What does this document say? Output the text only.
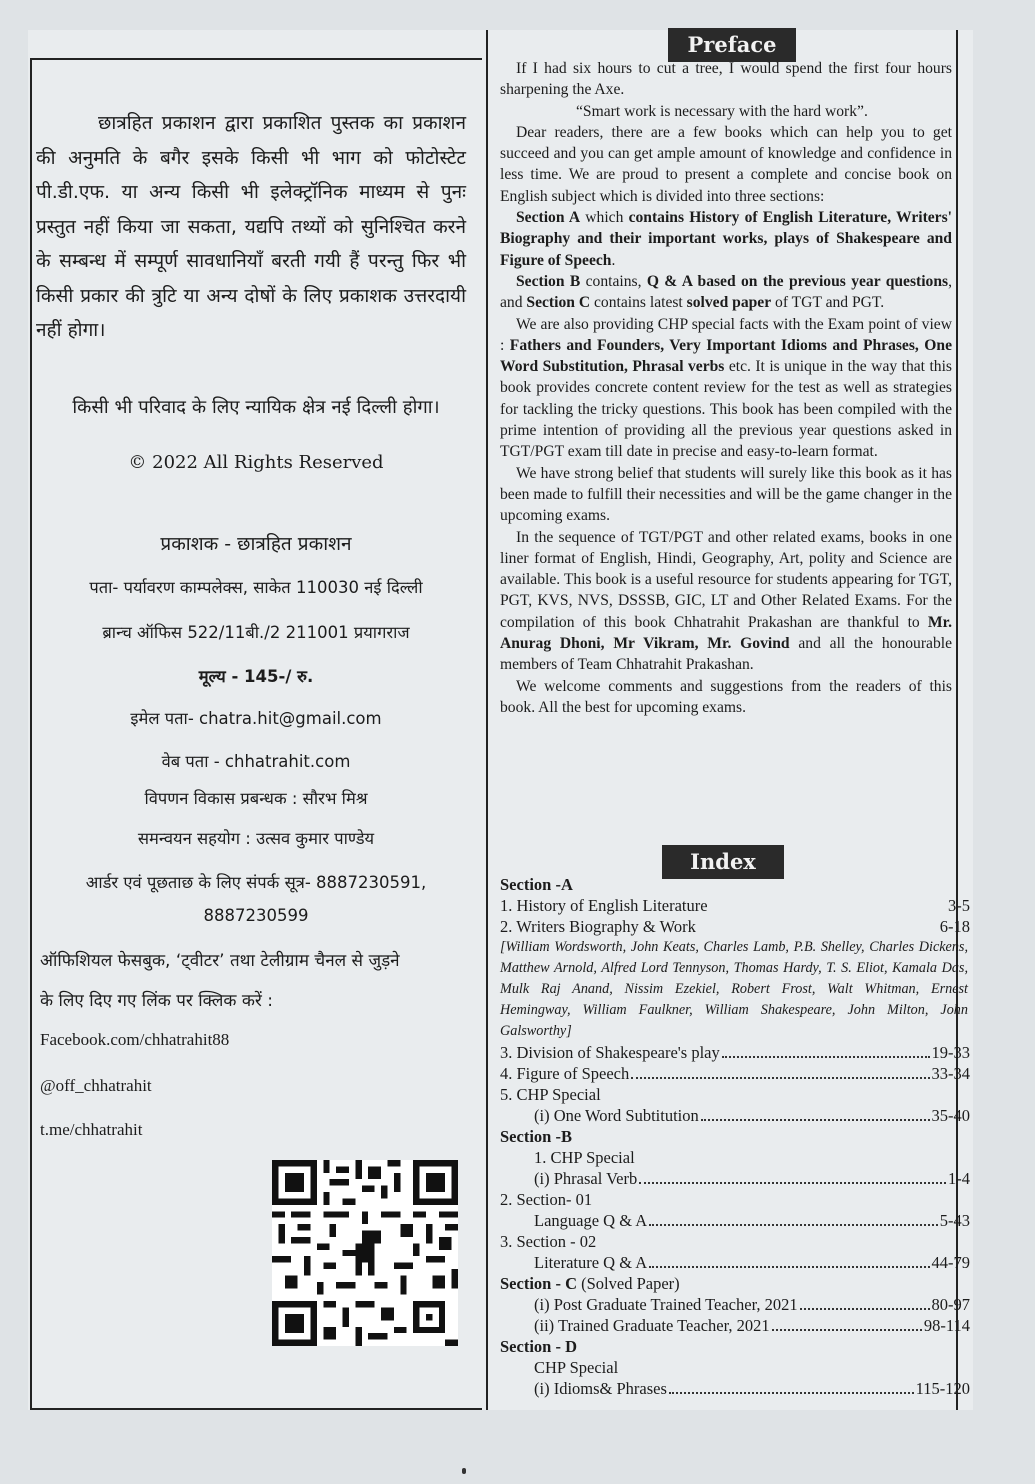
छात्रहित प्रकाशन द्वारा प्रकाशित पुस्तक का प्रकाशन की अनुमति के बगैर इसके किसी भी भाग को फोटोस्टेट पी.डी.एफ. या अन्य किसी भी इलेक्ट्रॉनिक माध्यम से पुनः प्रस्तुत नहीं किया जा सकता, यद्यपि तथ्यों को सुनिश्चित करने के सम्बन्ध में सम्पूर्ण सावधानियाँ बरती गयी हैं परन्तु फिर भी किसी प्रकार की त्रुटि या अन्य दोषों के लिए प्रकाशक उत्तरदायी नहीं होगा।
किसी भी परिवाद के लिए न्यायिक क्षेत्र नई दिल्ली होगा।
© 2022 All Rights Reserved
प्रकाशक - छात्रहित प्रकाशन
पता- पर्यावरण काम्पलेक्स, साकेत 110030 नई दिल्ली
ब्रान्च ऑफिस 522/11बी./2 211001 प्रयागराज
मूल्य - 145-/ रु.
इमेल पता- chatra.hit@gmail.com
वेब पता - chhatrahit.com
विपणन विकास प्रबन्धक : सौरभ मिश्र
समन्वयन सहयोग : उत्सव कुमार पाण्डेय
आर्डर एवं पूछताछ के लिए संपर्क सूत्र- 8887230591,
8887230599
ऑफिशियल फेसबुक, ‘ट्वीटर’ तथा टेलीग्राम चैनल से जुड़ने
के लिए दिए गए लिंक पर क्लिक करें :
Facebook.com/chhatrahit88
@off_chhatrahit
t.me/chhatrahit
Preface

If I had six hours to cut a tree, I would spend the first four hours sharpening the Axe.

“Smart work is necessary with the hard work”.

Dear readers, there are a few books which can help you to get succeed and you can get ample amount of knowledge and confidence in less time. We are proud to present a complete and concise book on English subject which is divided into three sections:

Section A which contains History of English Literature, Writers' Biography and their important works, plays of Shakespeare and Figure of Speech.

Section B contains, Q & A based on the previous year questions, and Section C contains latest solved paper of TGT and PGT.

We are also providing CHP special facts with the Exam point of view : Fathers and Founders, Very Important Idioms and Phrases, One Word Substitution, Phrasal verbs etc. It is unique in the way that this book provides concrete content review for the test as well as strategies for tackling the tricky questions. This book has been compiled with the prime intention of providing all the previous year questions asked in TGT/PGT exam till date in precise and easy-to-learn format.

We have strong belief that students will surely like this book as it has been made to fulfill their necessities and will be the game changer in the upcoming exams.

In the sequence of TGT/PGT and other related exams, books in one liner format of English, Hindi, Geography, Art, polity and Science are available. This book is a useful resource for students appearing for TGT, PGT, KVS, NVS, DSSSB, GIC, LT and Other Related Exams. For the compilation of this book Chhatrahit Prakashan are thankful to Mr. Anurag Dhoni, Mr Vikram, Mr. Govind and all the honourable members of Team Chhatrahit Prakashan.

We welcome comments and suggestions from the readers of this book. All the best for upcoming exams.

Index
Section -A
1. History of English Literature	3-5
2. Writers Biography & Work	6-18
[William Wordsworth, John Keats, Charles Lamb, P.B. Shelley, Charles Dickens, Matthew Arnold, Alfred Lord Tennyson, Thomas Hardy, T. S. Eliot, Kamala Das, Mulk Raj Anand, Nissim Ezekiel, Robert Frost, Walt Whitman, Ernest Hemingway, William Faulkner, William Shakespeare, John Milton, John Galsworthy]
3. Division of Shakespeare's play	19-33
4. Figure of Speech	33-34
5. CHP Special
(i) One Word Subtitution	35-40
Section -B
1. CHP Special
(i) Phrasal Verb	1-4
2. Section- 01
Language Q & A	5-43
3. Section - 02
Literature Q & A	44-79
Section - C (Solved Paper)
(i) Post Graduate Trained Teacher, 2021	80-97
(ii) Trained Graduate Teacher, 2021	98-114
Section - D
CHP Special
(i) Idioms& Phrases	115-120
